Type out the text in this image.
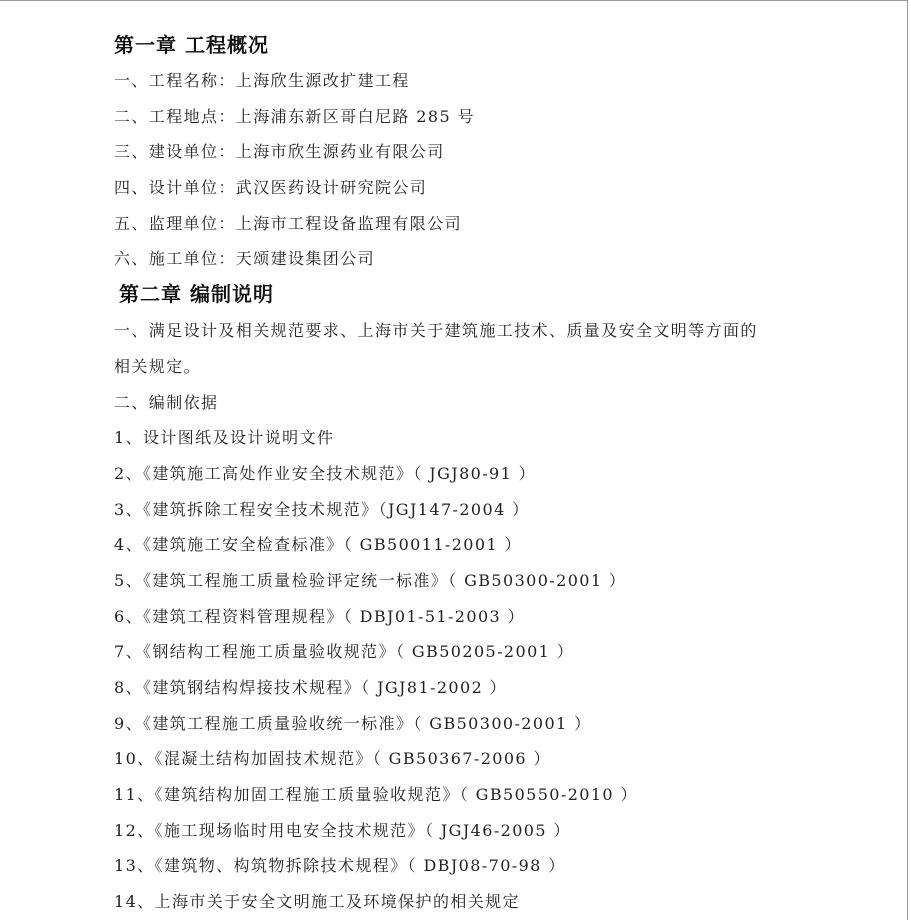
第一章 工程概况
一、工程名称：上海欣生源改扩建工程
二、工程地点：上海浦东新区哥白尼路 285 号
三、建设单位：上海市欣生源药业有限公司
四、设计单位：武汉医药设计研究院公司
五、监理单位：上海市工程设备监理有限公司
六、施工单位：天颂建设集团公司
第二章 编制说明
一、满足设计及相关规范要求、上海市关于建筑施工技术、质量及安全文明等方面的
相关规定。
二、编制依据
1、设计图纸及设计说明文件
2、《建筑施工高处作业安全技术规范》（ JGJ80-91 ）
3、《建筑拆除工程安全技术规范》（JGJ147-2004 ）
4、《建筑施工安全检查标准》（ GB50011-2001 ）
5、《建筑工程施工质量检验评定统一标准》（ GB50300-2001 ）
6、《建筑工程资料管理规程》（ DBJ01-51-2003 ）
7、《钢结构工程施工质量验收规范》（ GB50205-2001 ）
8、《建筑钢结构焊接技术规程》（ JGJ81-2002 ）
9、《建筑工程施工质量验收统一标准》（ GB50300-2001 ）
10、《混凝土结构加固技术规范》（ GB50367-2006 ）
11、《建筑结构加固工程施工质量验收规范》（ GB50550-2010 ）
12、《施工现场临时用电安全技术规范》（ JGJ46-2005 ）
13、《建筑物、构筑物拆除技术规程》（ DBJ08-70-98 ）
14、上海市关于安全文明施工及环境保护的相关规定
